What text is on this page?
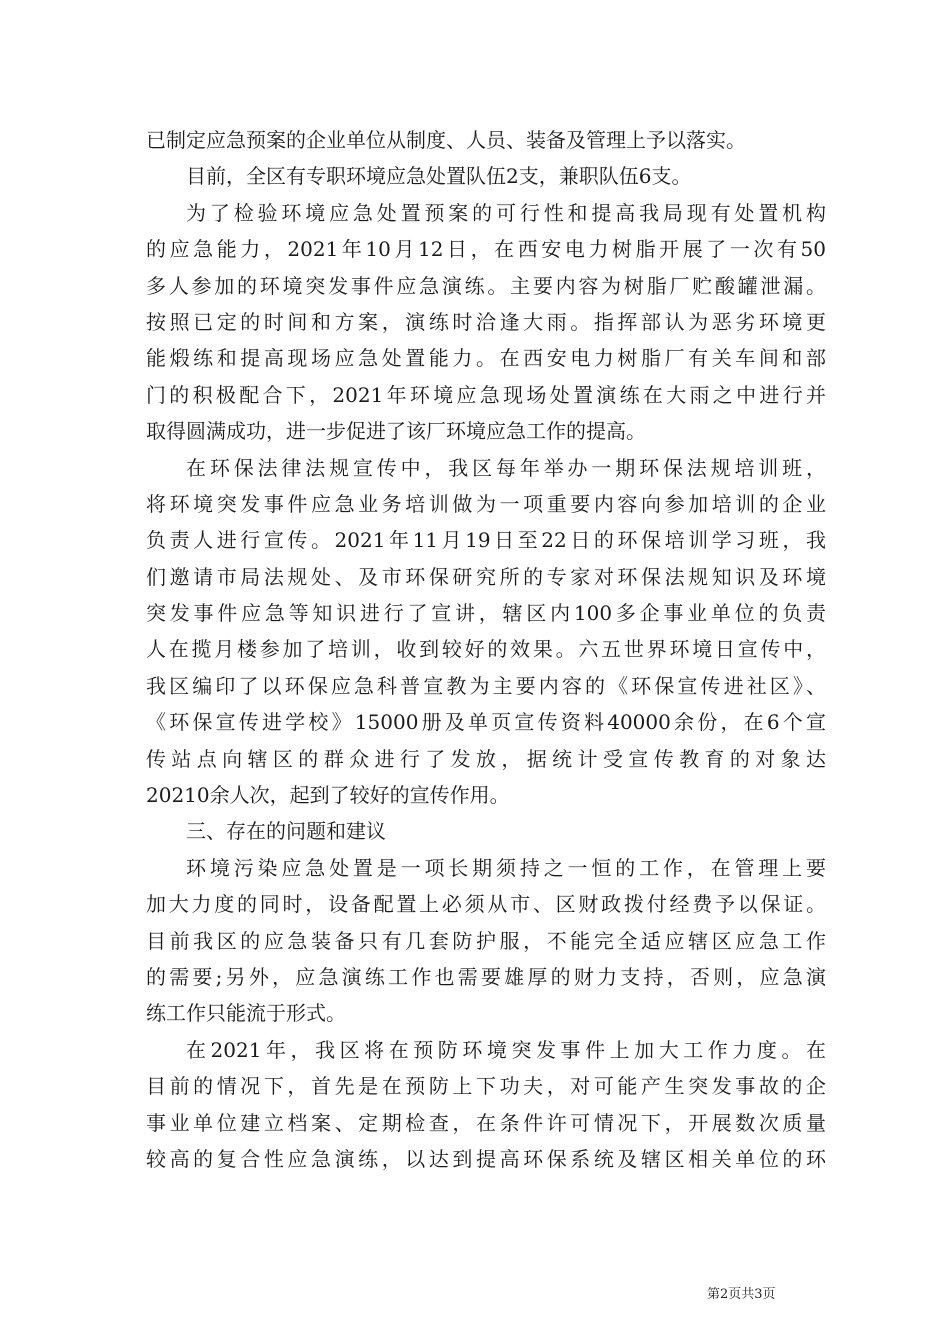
已制定应急预案的企业单位从制度、人员、装备及管理上予以落实。
目前，全区有专职环境应急处置队伍2支，兼职队伍6支。
为了检验环境应急处置预案的可行性和提高我局现有处置机构
的应急能力，2021年10月12日，在西安电力树脂开展了一次有50
多人参加的环境突发事件应急演练。主要内容为树脂厂贮酸罐泄漏。
按照已定的时间和方案，演练时洽逢大雨。指挥部认为恶劣环境更
能煅练和提高现场应急处置能力。在西安电力树脂厂有关车间和部
门的积极配合下，2021年环境应急现场处置演练在大雨之中进行并
取得圆满成功，进一步促进了该厂环境应急工作的提高。
在环保法律法规宣传中，我区每年举办一期环保法规培训班，
将环境突发事件应急业务培训做为一项重要内容向参加培训的企业
负责人进行宣传。2021年11月19日至22日的环保培训学习班，我
们邀请市局法规处、及市环保研究所的专家对环保法规知识及环境
突发事件应急等知识进行了宣讲，辖区内100多企事业单位的负责
人在揽月楼参加了培训，收到较好的效果。六五世界环境日宣传中，
我区编印了以环保应急科普宣教为主要内容的《环保宣传进社区》、
《环保宣传进学校》15000册及单页宣传资料40000余份，在6个宣
传站点向辖区的群众进行了发放，据统计受宣传教育的对象达
20210余人次，起到了较好的宣传作用。
三、存在的问题和建议
环境污染应急处置是一项长期须持之一恒的工作，在管理上要
加大力度的同时，设备配置上必须从市、区财政拨付经费予以保证。
目前我区的应急装备只有几套防护服，不能完全适应辖区应急工作
的需要;另外，应急演练工作也需要雄厚的财力支持，否则，应急演
练工作只能流于形式。
在2021年，我区将在预防环境突发事件上加大工作力度。在
目前的情况下，首先是在预防上下功夫，对可能产生突发事故的企
事业单位建立档案、定期检查，在条件许可情况下，开展数次质量
较高的复合性应急演练，以达到提高环保系统及辖区相关单位的环
第2页共3页
